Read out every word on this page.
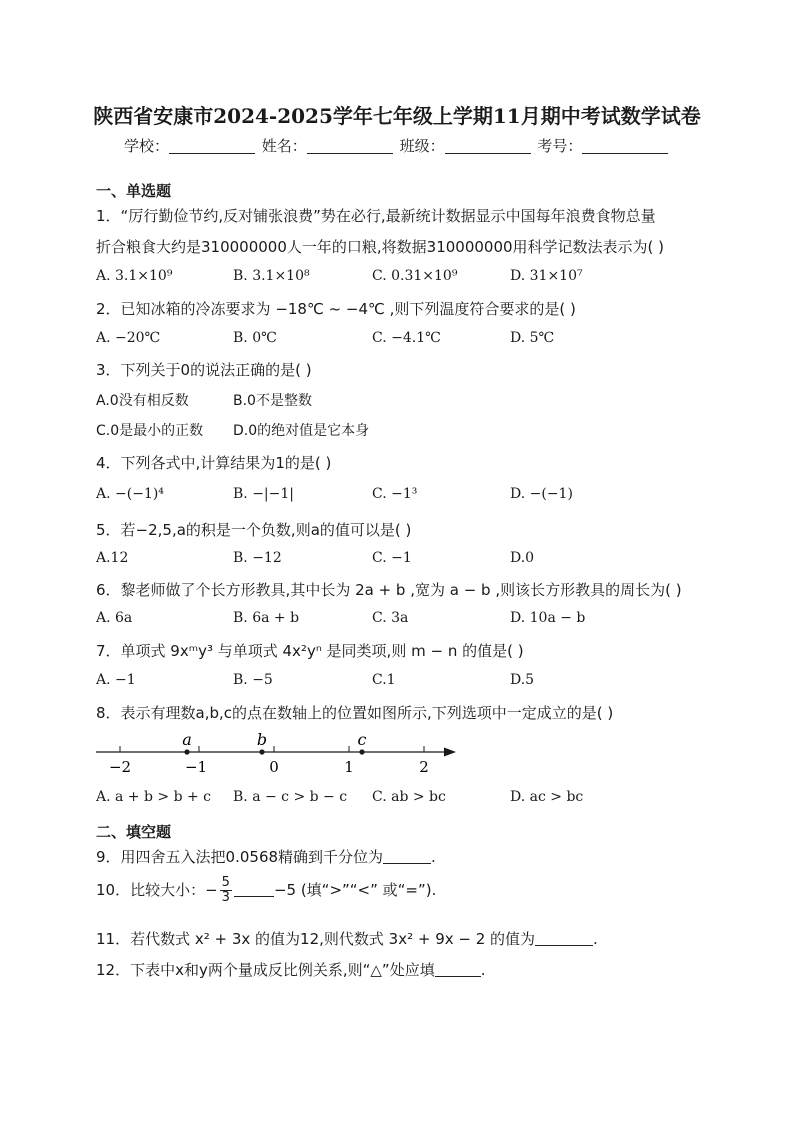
陕西省安康市2024-2025学年七年级上学期11月期中考试数学试卷
学校：	姓名：	班级：	考号：
一、单选题
1．“厉行勤俭节约,反对铺张浪费”势在必行,最新统计数据显示中国每年浪费食物总量
折合粮食大约是310000000人一年的口粮,将数据310000000用科学记数法表示为( )
A. 3.1×10⁹	B. 3.1×10⁸	C. 0.31×10⁹	D. 31×10⁷
2．已知冰箱的冷冻要求为 −18℃ ~ −4℃ ,则下列温度符合要求的是( )
A. −20℃	B. 0℃	C. −4.1℃	D. 5℃
3．下列关于0的说法正确的是( )
A.0没有相反数	B.0不是整数
C.0是最小的正数 D.0的绝对值是它本身
4．下列各式中,计算结果为1的是( )
A. −(−1)⁴	B. −|−1|	C. −1³	D. −(−1)
5．若−2,5,a的积是一个负数,则a的值可以是( )
A.12	B. −12	C. −1	D.0
6．黎老师做了个长方形教具,其中长为 2a + b ,宽为 a − b ,则该长方形教具的周长为( )
A. 6a	B. 6a + b	C. 3a	D. 10a − b
7．单项式 9xᵐy³ 与单项式 4x²yⁿ 是同类项,则 m − n 的值是( )
A. −1	B. −5	C.1	D.5
8．表示有理数a,b,c的点在数轴上的位置如图所示,下列选项中一定成立的是( )
−2	−1	0	1	2
a	b	c
A. a + b > b + c B. a − c > b − c C. ab > bc	D. ac > bc
二、填空题
9．用四舍五入法把0.0568精确到千分位为	.
10．比较大小：− $\frac{5}{3}$	−5 (填“>”“<” 或“=”).
11．若代数式 x² + 3x 的值为12,则代数式 3x² + 9x − 2 的值为	.
12．下表中x和y两个量成反比例关系,则“△”处应填	.
